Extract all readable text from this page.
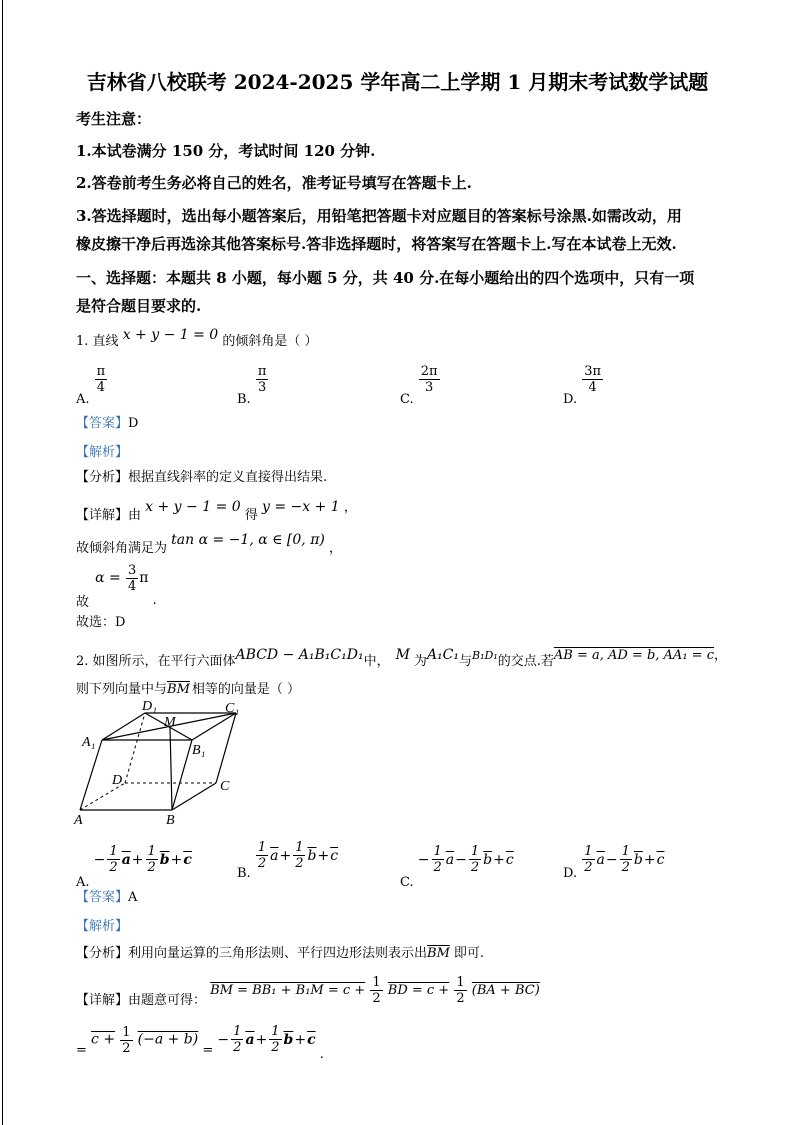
吉林省八校联考 2024-2025 学年高二上学期 1 月期末考试数学试题
考生注意：
1.本试卷满分 150 分，考试时间 120 分钟.
2.答卷前考生务必将自己的姓名，准考证号填写在答题卡上.
3.答选择题时，选出每小题答案后，用铅笔把答题卡对应题目的答案标号涂黑.如需改动，用
橡皮擦干净后再选涂其他答案标号.答非选择题时，将答案写在答题卡上.写在本试卷上无效.
一、选择题：本题共 8 小题，每小题 5 分，共 40 分.在每小题给出的四个选项中，只有一项
是符合题目要求的.
1. 直线 x + y − 1 = 0 的倾斜角是（ ）
A.
$\frac{\pi}{4}$
B.
$\frac{\pi}{3}$
C.
$\frac{2\pi}{3}$
D.
$\frac{3\pi}{4}$
【答案】D
【解析】
【分析】根据直线斜率的定义直接得出结果.
【详解】由 x + y − 1 = 0 得 y = −x + 1 ，
故倾斜角满足为 tan α = −1, α ∈ [0, π) ，
故 $\alpha = \frac{3}{4}$ π .
故选：D
2. 如图所示，在平行六面体ABCD − A₁B₁C₁D₁中， M 为A₁C₁与B₁D₁的交点.若AB = a, AD = b, AA₁ = c，
则下列向量中与$\overline{BM}$ 相等的向量是（ ）
D₁
M
C₁
A₁
B₁
D	C
A	B
A.
− $\frac{1}{2} \overline{a} + \frac{1}{2} \overline{b} + \overline{c}$
B.
$\frac{1}{2} \overline{a} + \frac{1}{2} \overline{b} + \overline{c}$
C.
− $\frac{1}{2} \overline{a} - \frac{1}{2} \overline{b} + \overline{c}$
D. $\frac{1}{2} \overline{a} - \frac{1}{2} \overline{b} + \overline{c}$
【答案】A
【解析】
【分析】利用向量运算的三角形法则、平行四边形法则表示出$\overline{BM}$ 即可.
【详解】由题意可得： BM = $BB_1 + B_1M = c + \frac{1}{2}$ BD = $c + \frac{1}{2} (BA + BC)$
= $c + \frac{1}{2} (-a + b)$ =
− $\frac{1}{2} \overline{a} + \frac{1}{2} \overline{b} + \overline{c}$
.
